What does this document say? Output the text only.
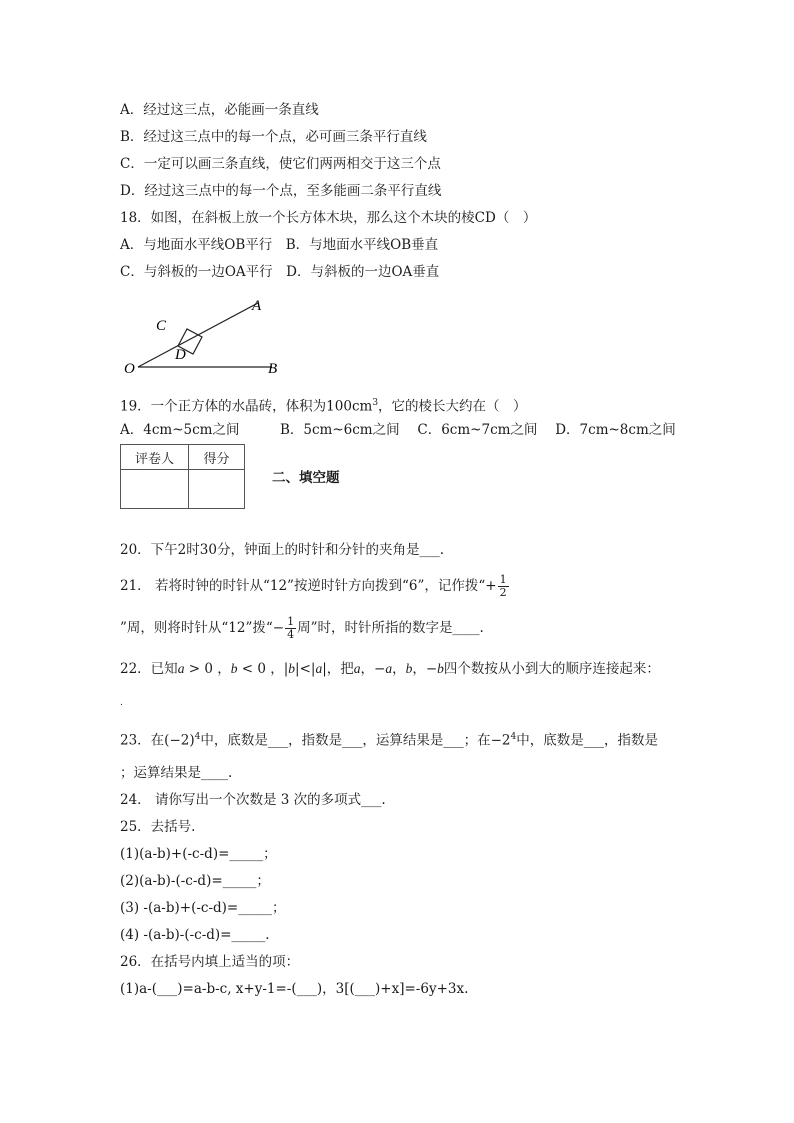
A．经过这三点，必能画一条直线
B．经过这三点中的每一个点，必可画三条平行直线
C．一定可以画三条直线，使它们两两相交于这三个点
D．经过这三点中的每一个点，至多能画二条平行直线
18．如图，在斜板上放一个长方体木块，那么这个木块的棱CD（　）
A．与地面水平线OB平行　B．与地面水平线OB垂直
C．与斜板的一边OA平行　D．与斜板的一边OA垂直
C
D
A
O	B
19．一个正方体的水晶砖，体积为$100cm^3$，它的棱长大约在（　）
A．4cm~5cm之间　　　B．5cm~6cm之间　 C．6cm~7cm之间　 D．7cm~8cm之间
评卷人	得分

二、填空题
20．下午2时30分，钟面上的时针和分针的夹角是___.
21． 若将时钟的时针从“12”按逆时针方向拨到“6”，记作拨“+ $\frac{1}{2}$
”周，则将时针从“12”拨“− $\frac{1}{4}$ 周”时，时针所指的数字是____.
22．已知a > 0 ，b < 0 ，|b|<|a|，把a，−a，b，−b四个数按从小到大的顺序连接起来：
.
23．在$(-2)^4$中，底数是___，指数是___，运算结果是___；在$-2^4$中，底数是___，指数是
；运算结果是____.
24． 请你写出一个次数是 3 次的多项式___.
25．去括号.
(1)(a-b)+(-c-d)=_____；
(2)(a-b)-(-c-d)=_____；
(3) -(a-b)+(-c-d)=_____；
(4) -(a-b)-(-c-d)=_____.
26．在括号内填上适当的项：
(1)a-(___)=a-b-c, x+y-1=-(___)，3[(___)+x]=-6y+3x.
